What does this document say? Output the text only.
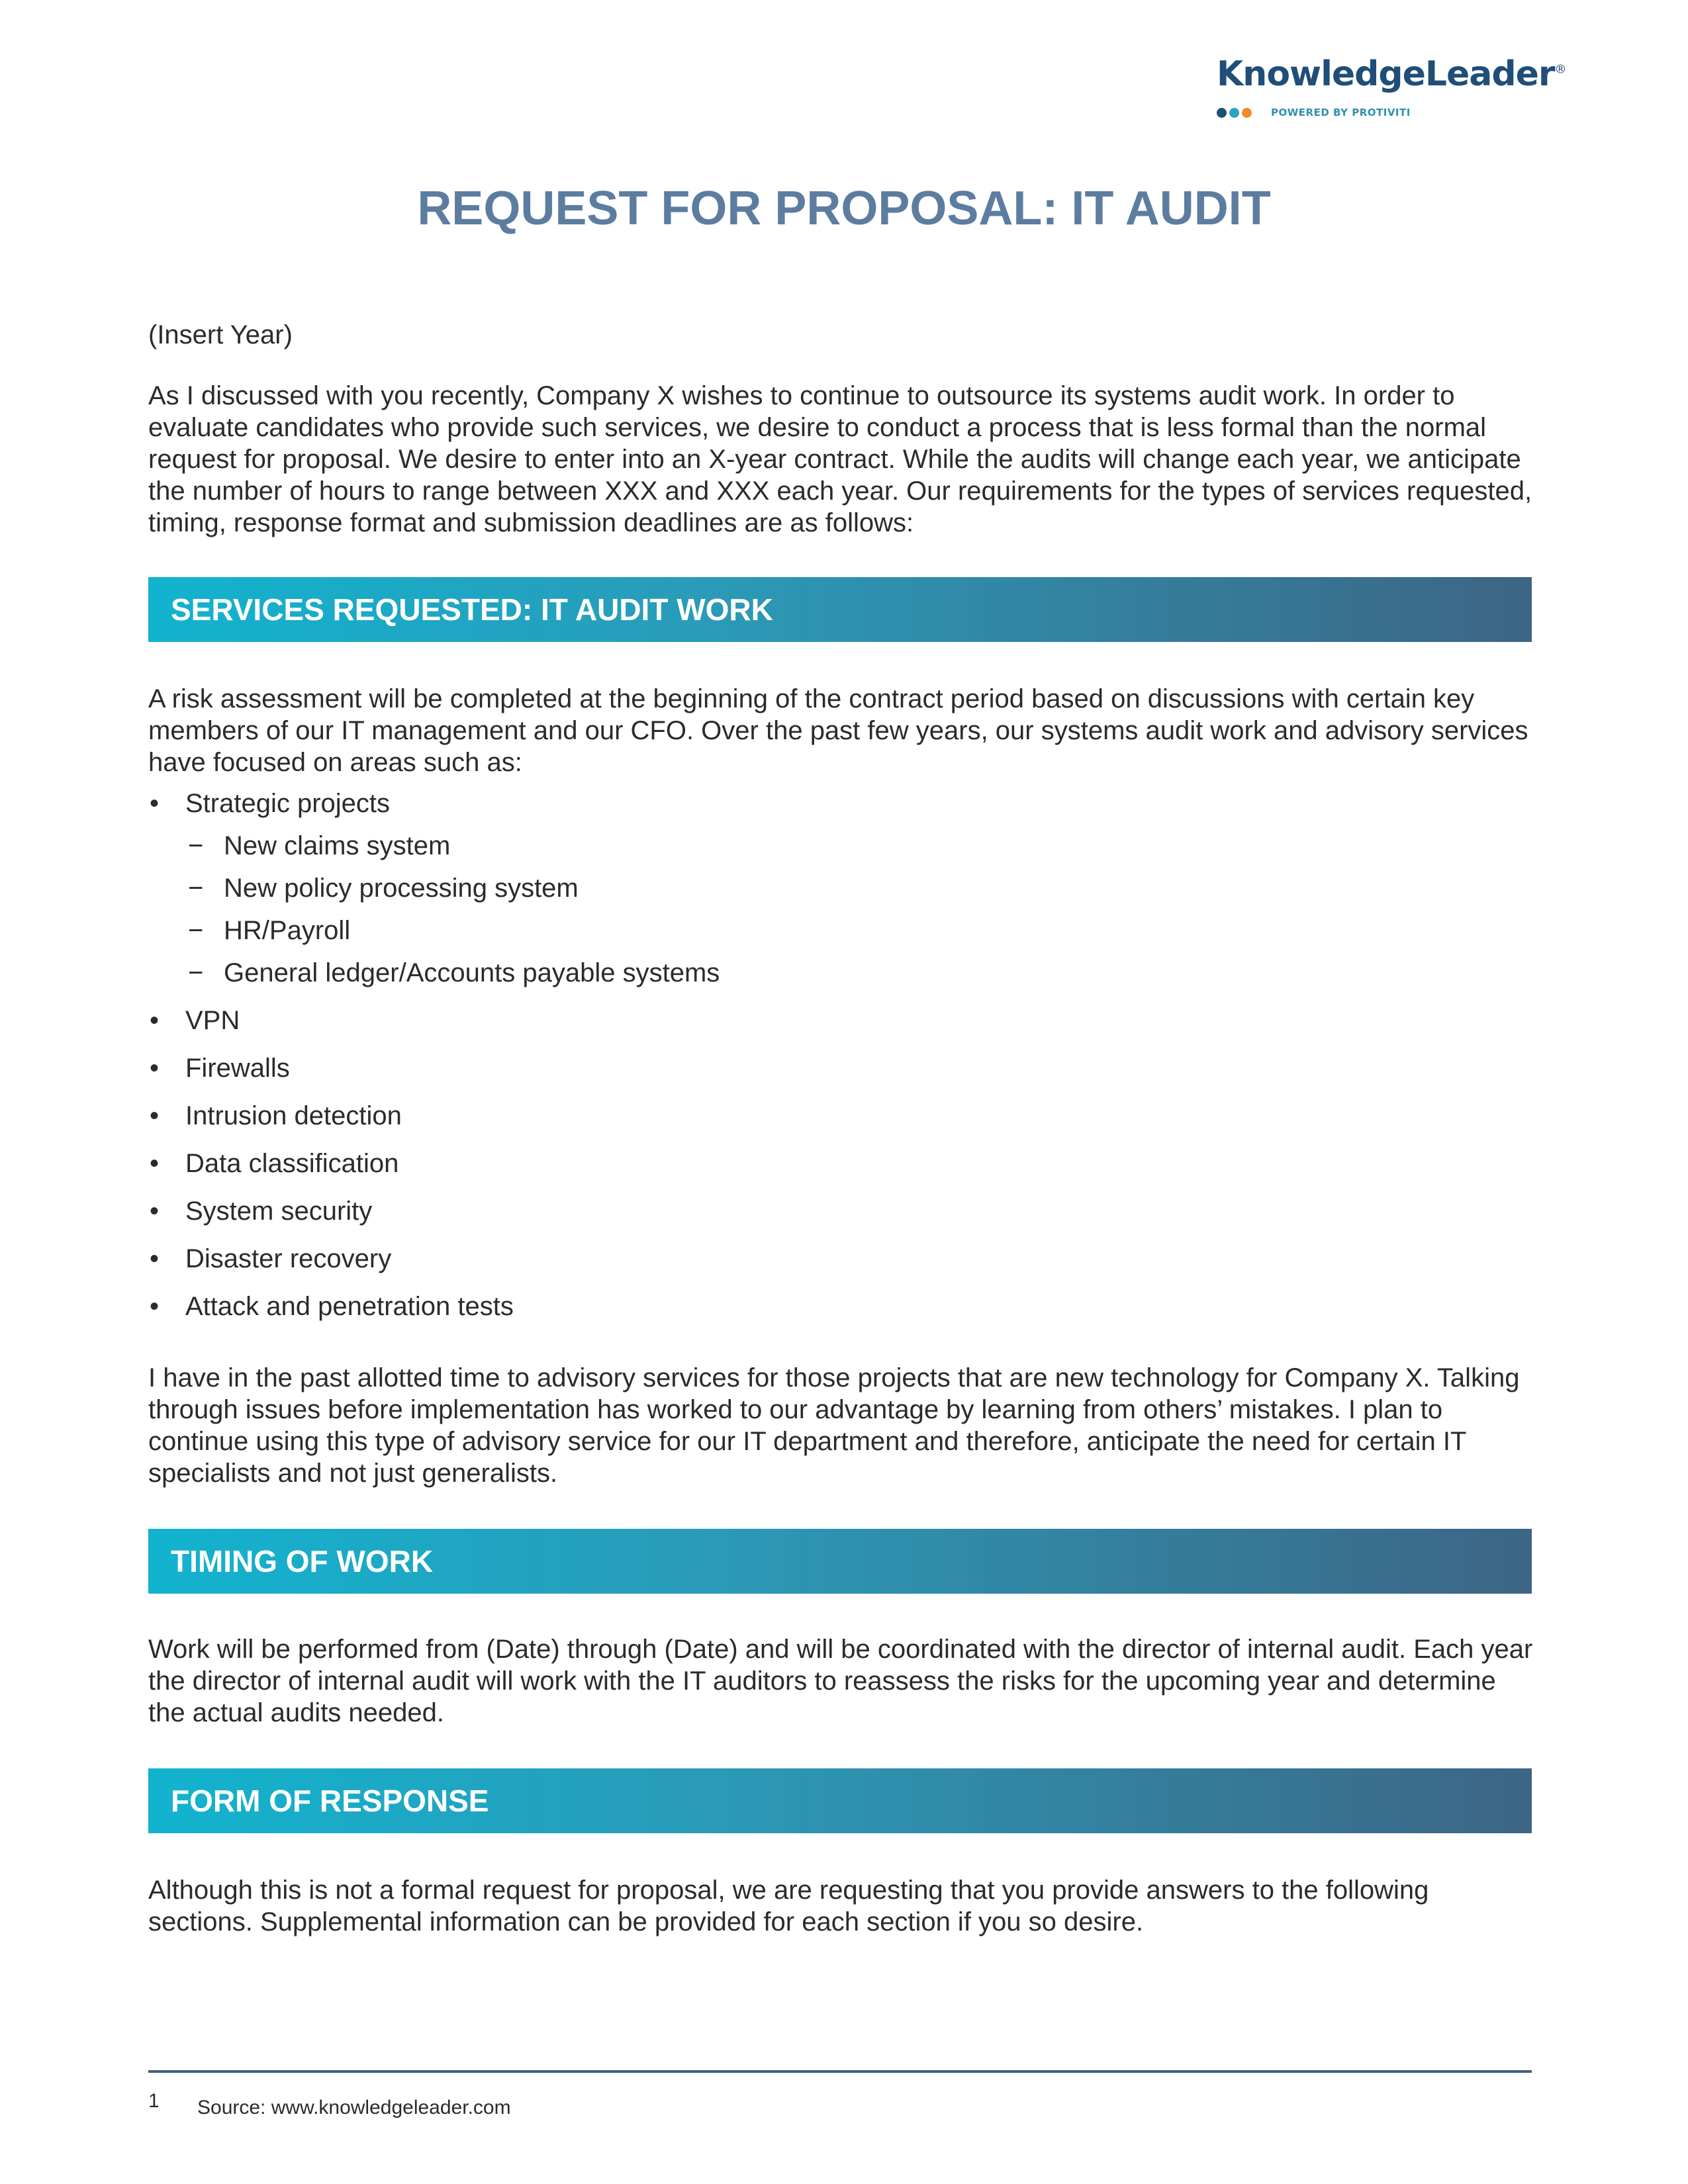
KnowledgeLeader®
POWERED BY PROTIVITI
REQUEST FOR PROPOSAL: IT AUDIT

(Insert Year)

As I discussed with you recently, Company X wishes to continue to outsource its systems audit work. In order to evaluate candidates who provide such services, we desire to conduct a process that is less formal than the normal request for proposal. We desire to enter into an X-year contract. While the audits will change each year, we anticipate the number of hours to range between XXX and XXX each year. Our requirements for the types of services requested, timing, response format and submission deadlines are as follows:

SERVICES REQUESTED: IT AUDIT WORK

A risk assessment will be completed at the beginning of the contract period based on discussions with certain key members of our IT management and our CFO. Over the past few years, our systems audit work and advisory services have focused on areas such as:

• Strategic projects
− New claims system
− New policy processing system
− HR/Payroll
− General ledger/Accounts payable systems
• VPN
• Firewalls
• Intrusion detection
• Data classification
• System security
• Disaster recovery
• Attack and penetration tests

I have in the past allotted time to advisory services for those projects that are new technology for Company X. Talking through issues before implementation has worked to our advantage by learning from others’ mistakes. I plan to continue using this type of advisory service for our IT department and therefore, anticipate the need for certain IT specialists and not just generalists.

TIMING OF WORK

Work will be performed from (Date) through (Date) and will be coordinated with the director of internal audit. Each year the director of internal audit will work with the IT auditors to reassess the risks for the upcoming year and determine the actual audits needed.

FORM OF RESPONSE

Although this is not a formal request for proposal, we are requesting that you provide answers to the following sections. Supplemental information can be provided for each section if you so desire.

1 Source: www.knowledgeleader.com
